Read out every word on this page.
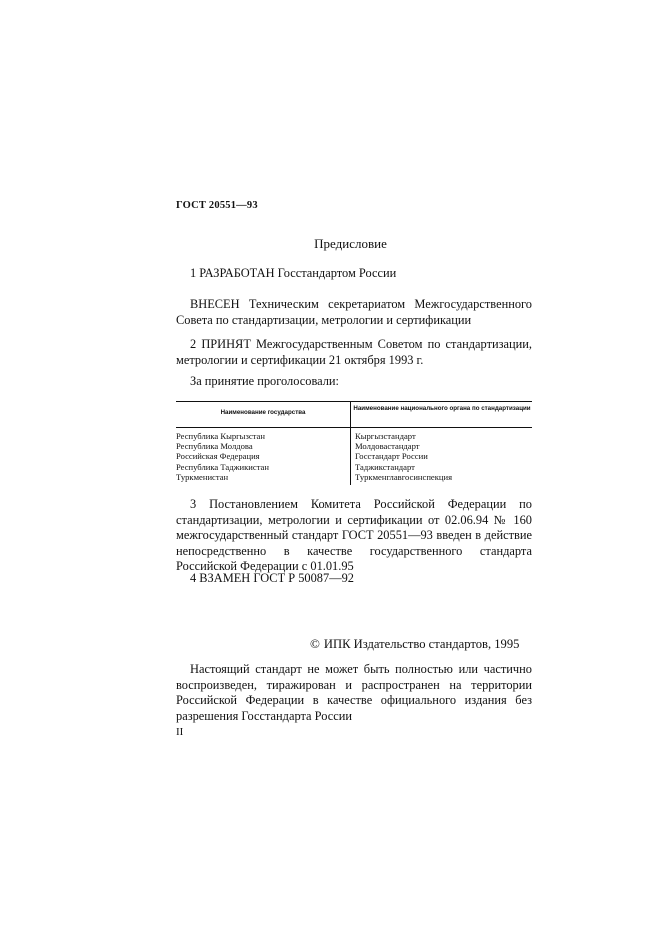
ГОСТ 20551—93
Предисловие
1 РАЗРАБОТАН Госстандартом России
ВНЕСЕН Техническим секретариатом Межгосударственного Совета по стандартизации, метрологии и сертификации
2 ПРИНЯТ Межгосударственным Советом по стандартизации, метрологии и сертификации 21 октября 1993 г.
За принятие проголосовали:
Наименование государства
Наименование национального органа по стандартизации
Республика Кыргызстан
Республика Молдова
Российская Федерация
Республика Таджикистан
Туркменистан
Кыргызстандарт
Молдовастандарт
Госстандарт России
Таджикстандарт
Туркменглавгосинспекция
3 Постановлением Комитета Российской Федерации по стандартизации, метрологии и сертификации от 02.06.94 № 160 межгосударственный стандарт ГОСТ 20551—93 введен в действие непосредственно в качестве государственного стандарта Российской Федерации с 01.01.95
4 ВЗАМЕН ГОСТ Р 50087—92
© ИПК Издательство стандартов, 1995
Настоящий стандарт не может быть полностью или частично воспроизведен, тиражирован и распространен на территории Российской Федерации в качестве официального издания без разрешения Госстандарта России
II
